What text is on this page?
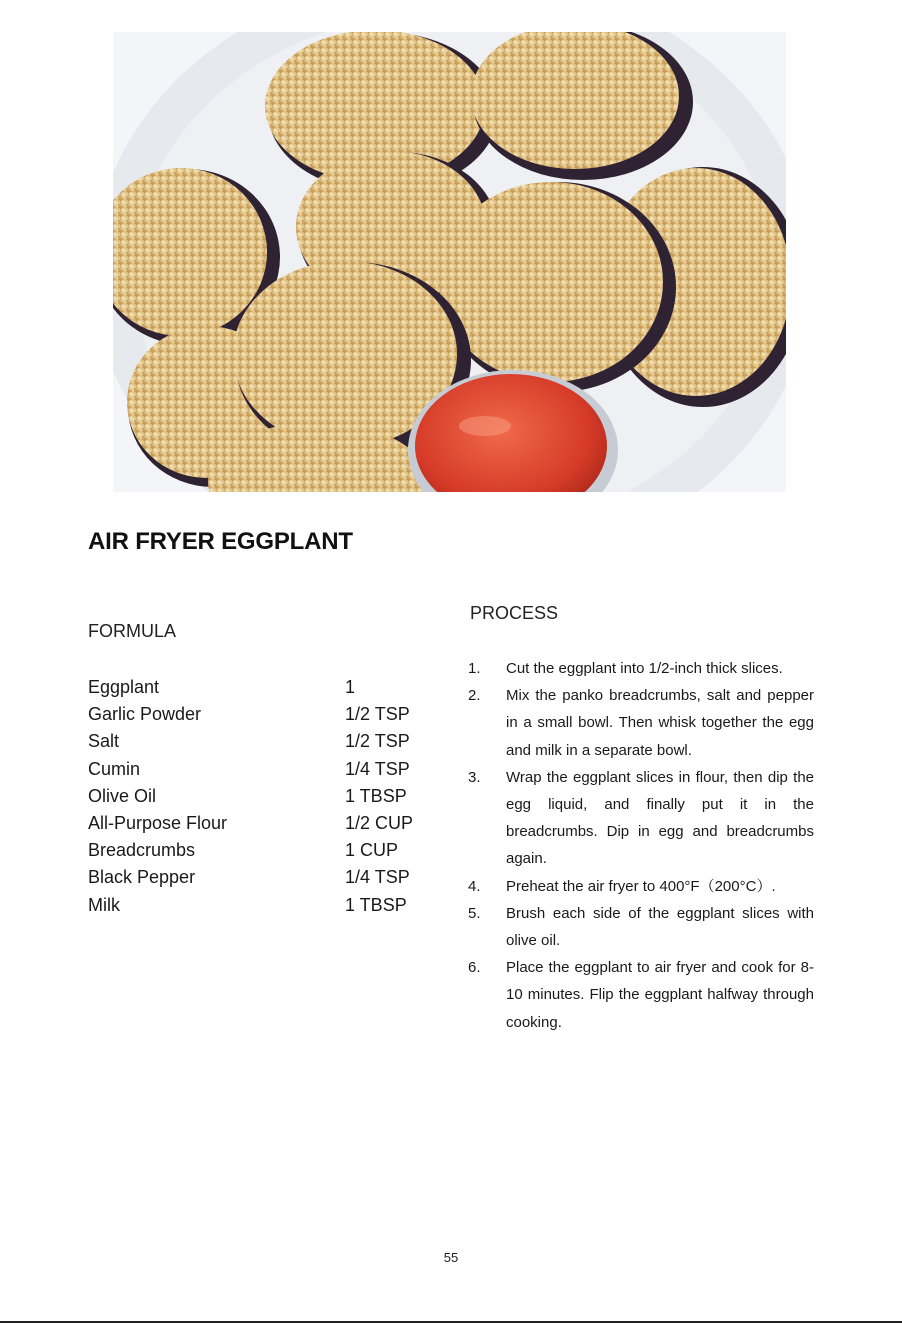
AIR FRYER EGGPLANT
FORMULA
Eggplant	1
Garlic Powder	1/2 TSP
Salt	1/2 TSP
Cumin	1/4 TSP
Olive Oil	1 TBSP
All-Purpose Flour	1/2 CUP
Breadcrumbs	1 CUP
Black Pepper	1/4 TSP
Milk	1 TBSP
PROCESS
1. Cut the eggplant into 1/2-inch thick slices.
2. Mix the panko breadcrumbs, salt and pepper in a small bowl. Then whisk together the egg and milk in a separate bowl.
3. Wrap the eggplant slices in flour, then dip the egg liquid, and finally put it in the breadcrumbs. Dip in egg and breadcrumbs again.
4. Preheat the air fryer to 400°F（200°C）.
5. Brush each side of the eggplant slices with olive oil.
6. Place the eggplant to air fryer and cook for 8-10 minutes. Flip the eggplant halfway through cooking.
55
